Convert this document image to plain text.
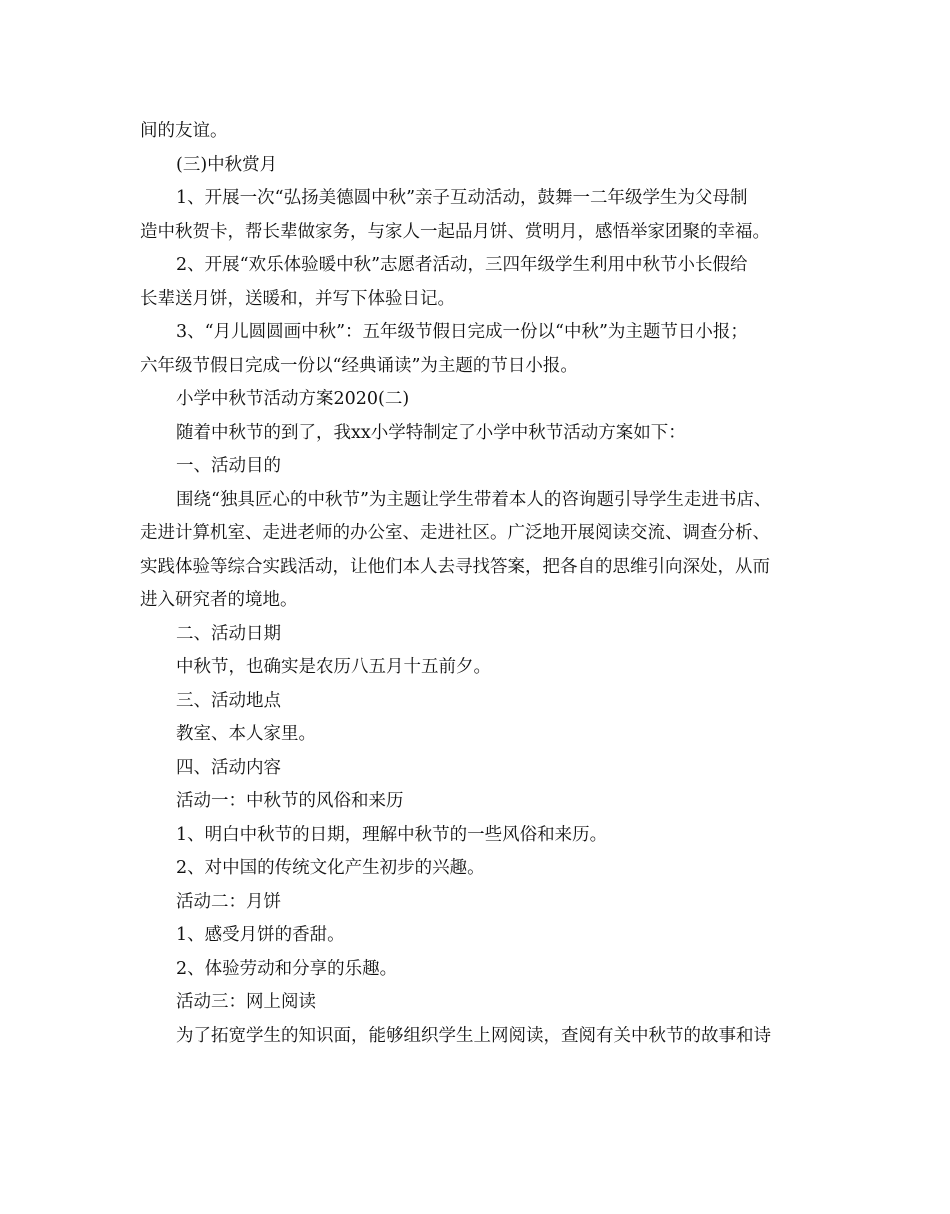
间的友谊。
(三)中秋赏月
1、开展一次“弘扬美德圆中秋”亲子互动活动，鼓舞一二年级学生为父母制
造中秋贺卡，帮长辈做家务，与家人一起品月饼、赏明月，感悟举家团聚的幸福。
2、开展“欢乐体验暖中秋”志愿者活动，三四年级学生利用中秋节小长假给
长辈送月饼，送暖和，并写下体验日记。
3、“月儿圆圆画中秋”：五年级节假日完成一份以“中秋”为主题节日小报；
六年级节假日完成一份以“经典诵读”为主题的节日小报。
小学中秋节活动方案2020(二)
随着中秋节的到了，我xx小学特制定了小学中秋节活动方案如下：
一、活动目的
围绕“独具匠心的中秋节”为主题让学生带着本人的咨询题引导学生走进书店、
走进计算机室、走进老师的办公室、走进社区。广泛地开展阅读交流、调查分析、
实践体验等综合实践活动，让他们本人去寻找答案，把各自的思维引向深处，从而
进入研究者的境地。
二、活动日期
中秋节，也确实是农历八五月十五前夕。
三、活动地点
教室、本人家里。
四、活动内容
活动一：中秋节的风俗和来历
1、明白中秋节的日期，理解中秋节的一些风俗和来历。
2、对中国的传统文化产生初步的兴趣。
活动二：月饼
1、感受月饼的香甜。
2、体验劳动和分享的乐趣。
活动三：网上阅读
为了拓宽学生的知识面，能够组织学生上网阅读，查阅有关中秋节的故事和诗
